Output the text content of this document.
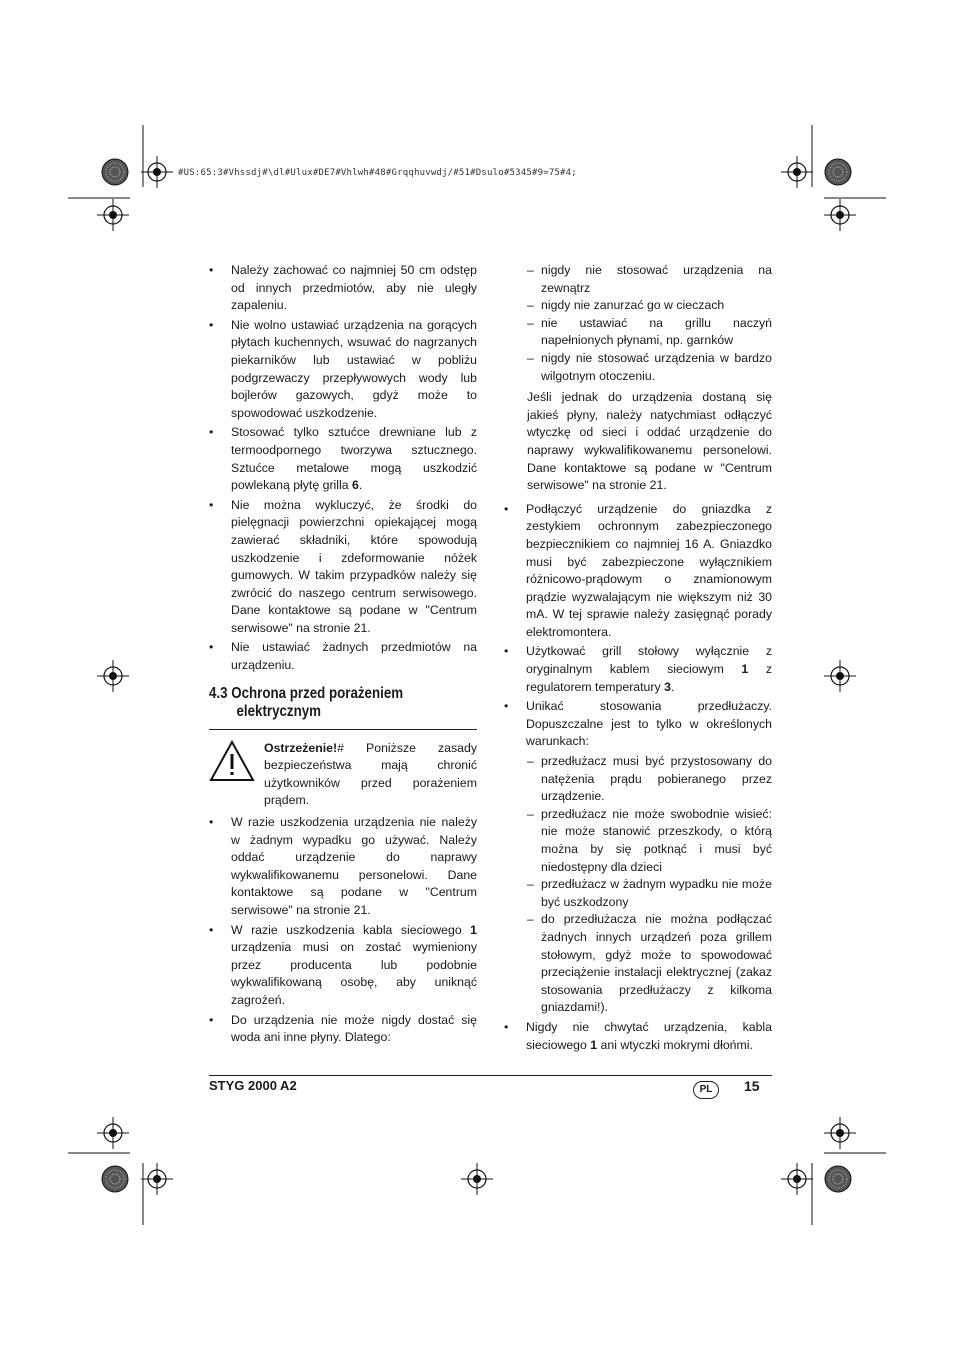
#US:65:3#Vhssdj#\dl#Ulux#DE7#Vhlwh#48#Grqqhuvwdj/#51#Dsulo#5345#9=75#4;
• Należy zachować co najmniej 50 cm odstęp od innych przedmiotów, aby nie uległy zapaleniu.
• Nie wolno ustawiać urządzenia na gorących płytach kuchennych, wsuwać do nagrzanych piekarników lub ustawiać w pobliżu podgrzewaczy przepływowych wody lub bojlerów gazowych, gdyż może to spowodować uszkodzenie.
• Stosować tylko sztućce drewniane lub z termoodpornego tworzywa sztucznego. Sztućce metalowe mogą uszkodzić powlekaną płytę grilla 6.
• Nie można wykluczyć, że środki do pielęgnacji powierzchni opiekającej mogą zawierać składniki, które spowodują uszkodzenie i zdeformowanie nóżek gumowych. W takim przypadków należy się zwrócić do naszego centrum serwisowego. Dane kontaktowe są podane w "Centrum serwisowe" na stronie 21.
• Nie ustawiać żadnych przedmiotów na urządzeniu.
4.3 Ochrona przed porażeniem
elektrycznym
Ostrzeżenie!# Poniższe zasady bezpieczeństwa mają chronić użytkowników przed porażeniem prądem.
• W razie uszkodzenia urządzenia nie należy w żadnym wypadku go używać. Należy oddać urządzenie do naprawy wykwalifikowanemu personelowi. Dane kontaktowe są podane w "Centrum serwisowe" na stronie 21.
• W razie uszkodzenia kabla sieciowego 1 urządzenia musi on zostać wymieniony przez producenta lub podobnie wykwalifikowaną osobę, aby uniknąć zagrożeń.
• Do urządzenia nie może nigdy dostać się woda ani inne płyny. Dlatego:
– nigdy nie stosować urządzenia na zewnątrz
– nigdy nie zanurzać go w cieczach
– nie ustawiać na grillu naczyń napełnionych płynami, np. garnków
– nigdy nie stosować urządzenia w bardzo wilgotnym otoczeniu.
Jeśli jednak do urządzenia dostaną się jakieś płyny, należy natychmiast odłączyć wtyczkę od sieci i oddać urządzenie do naprawy wykwalifikowanemu personelowi. Dane kontaktowe są podane w "Centrum serwisowe" na stronie 21.
• Podłączyć urządzenie do gniazdka z zestykiem ochronnym zabezpieczonego bezpiecznikiem co najmniej 16 A. Gniazdko musi być zabezpieczone wyłącznikiem różnicowo-prądowym o znamionowym prądzie wyzwalającym nie większym niż 30 mA. W tej sprawie należy zasięgnąć porady elektromontera.
• Użytkować grill stołowy wyłącznie z oryginalnym kablem sieciowym 1 z regulatorem temperatury 3.
• Unikać stosowania przedłużaczy. Dopuszczalne jest to tylko w określonych warunkach:
– przedłużacz musi być przystosowany do natężenia prądu pobieranego przez urządzenie.
– przedłużacz nie może swobodnie wisieć: nie może stanowić przeszkody, o którą można by się potknąć i musi być niedostępny dla dzieci
– przedłużacz w żadnym wypadku nie może być uszkodzony
– do przedłużacza nie można podłączać żadnych innych urządzeń poza grillem stołowym, gdyż może to spowodować przeciążenie instalacji elektrycznej (zakaz stosowania przedłużaczy z kilkoma gniazdami!).
• Nigdy nie chwytać urządzenia, kabla sieciowego 1 ani wtyczki mokrymi dłońmi.
STYG 2000 A2	PL	15
